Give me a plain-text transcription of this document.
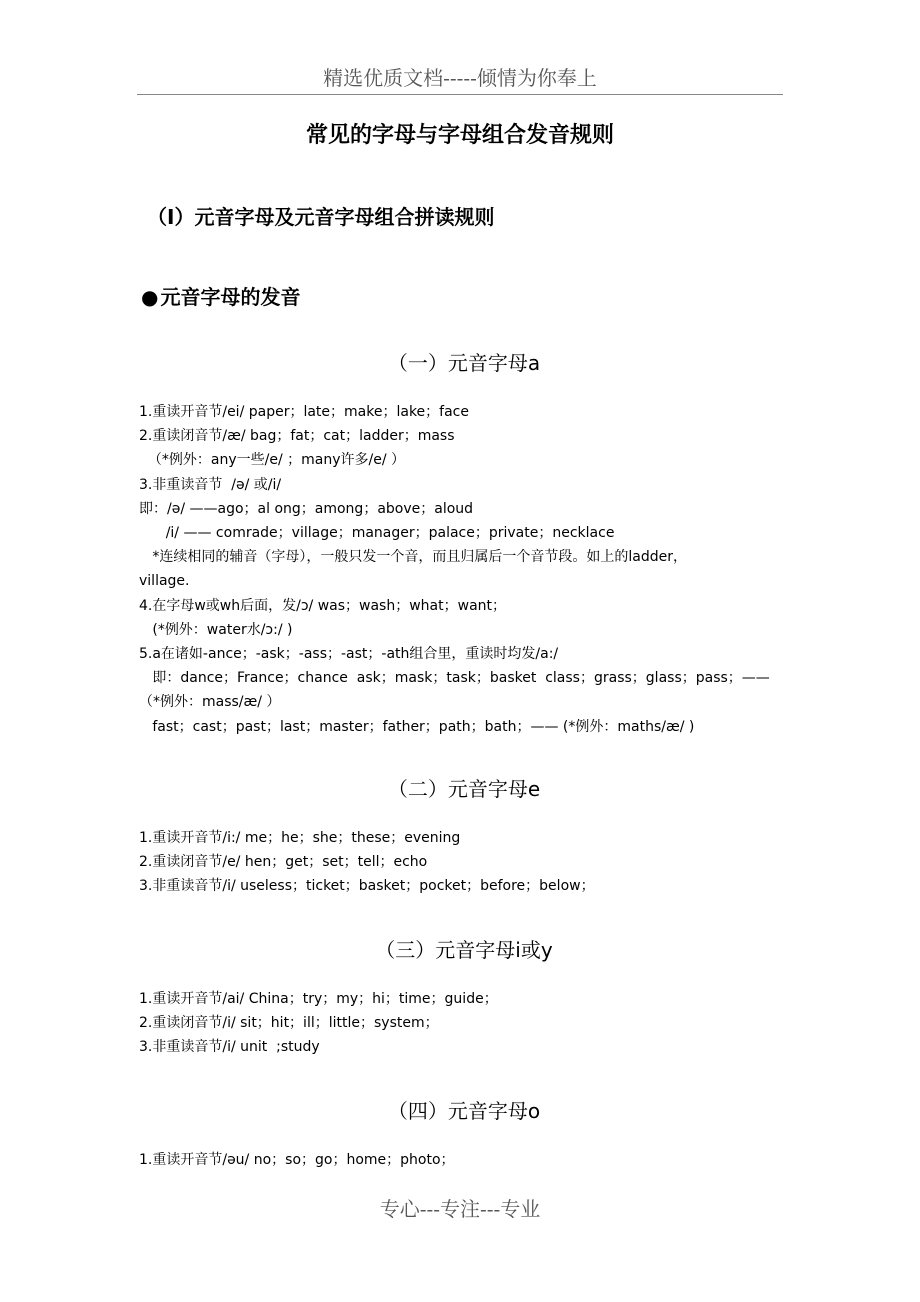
精选优质文档-----倾情为你奉上
常见的字母与字母组合发音规则
（I）元音字母及元音字母组合拼读规则
● 元音字母的发音
（一）元音字母a
1.重读开音节/ei/ paper；late；make；lake；face
2.重读闭音节/æ/ bag；fat；cat；ladder；mass
（*例外：any一些/e/ ；many许多/e/ ）
3.非重读音节  /ə/ 或/i/
即：/ə/ ——ago；al ong；among；above；aloud
/i/ —— comrade；village；manager；palace；private；necklace
*连续相同的辅音（字母），一般只发一个音，而且归属后一个音节段。如上的ladder，
village.
4.在字母w或wh后面，发/ɔ/ was；wash；what；want；
(*例外：water水/ɔ:/ )
5.a在诸如-ance；-ask；-ass；-ast；-ath组合里，重读时均发/a:/
即：dance；France；chance  ask；mask；task；basket  class；grass；glass；pass；——
（*例外：mass/æ/ ）
fast；cast；past；last；master；father；path；bath；—— (*例外：maths/æ/ )
（二）元音字母e
1.重读开音节/i:/ me；he；she；these；evening
2.重读闭音节/e/ hen；get；set；tell；echo
3.非重读音节/i/ useless；ticket；basket；pocket；before；below；
（三）元音字母i或y
1.重读开音节/ai/ China；try；my；hi；time；guide；
2.重读闭音节/i/ sit；hit；ill；little；system；
3.非重读音节/i/ unit  ;study
（四）元音字母o
1.重读开音节/əu/ no；so；go；home；photo；
专心---专注---专业
